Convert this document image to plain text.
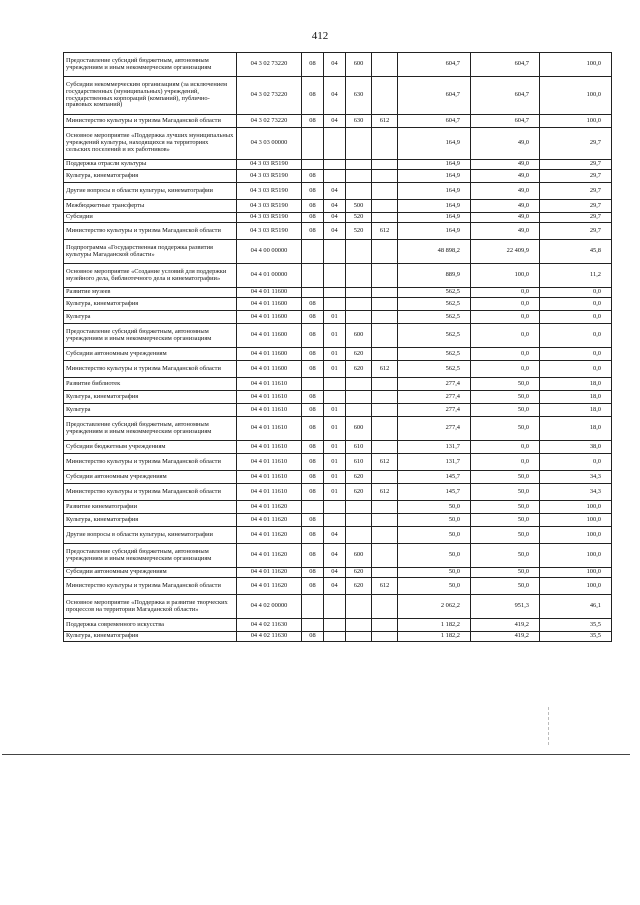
412
Предоставление субсидий бюджетным, автономным учреждениям и иным некоммерческим организациям	04 3 02 73220	08	04	600		604,7	604,7	100,0
Субсидии некоммерческим организациям (за исключением государственных (муниципальных) учреждений, государственных корпораций (компаний), публично-правовых компаний)	04 3 02 73220	08	04	630		604,7	604,7	100,0
Министерство культуры и туризма Магаданской области	04 3 02 73220	08	04	630	612	604,7	604,7	100,0
Основное мероприятие «Поддержка лучших муниципальных учреждений культуры, находящихся на территориях сельских поселений и их работников»	04 3 03 00000					164,9	49,0	29,7
Поддержка отрасли культуры	04 3 03 R5190					164,9	49,0	29,7
Культура, кинематография	04 3 03 R5190	08				164,9	49,0	29,7
Другие вопросы в области культуры, кинематографии	04 3 03 R5190	08	04			164,9	49,0	29,7
Межбюджетные трансферты	04 3 03 R5190	08	04	500		164,9	49,0	29,7
Субсидии	04 3 03 R5190	08	04	520		164,9	49,0	29,7
Министерство культуры и туризма Магаданской области	04 3 03 R5190	08	04	520	612	164,9	49,0	29,7
Подпрограмма «Государственная поддержка развития культуры Магаданской области»	04 4 00 00000					48 898,2	22 409,9	45,8
Основное мероприятие «Создание условий для поддержки музейного дела, библиотечного дела и кинематографии»	04 4 01 00000					889,9	100,0	11,2
Развитие музеев	04 4 01 11600					562,5	0,0	0,0
Культура, кинематография	04 4 01 11600	08				562,5	0,0	0,0
Культура	04 4 01 11600	08	01			562,5	0,0	0,0
Предоставление субсидий бюджетным, автономным учреждениям и иным некоммерческим организациям	04 4 01 11600	08	01	600		562,5	0,0	0,0
Субсидии автономным учреждениям	04 4 01 11600	08	01	620		562,5	0,0	0,0
Министерство культуры и туризма Магаданской области	04 4 01 11600	08	01	620	612	562,5	0,0	0,0
Развитие библиотек	04 4 01 11610					277,4	50,0	18,0
Культура, кинематография	04 4 01 11610	08				277,4	50,0	18,0
Культура	04 4 01 11610	08	01			277,4	50,0	18,0
Предоставление субсидий бюджетным, автономным учреждениям и иным некоммерческим организациям	04 4 01 11610	08	01	600		277,4	50,0	18,0
Субсидии бюджетным учреждениям	04 4 01 11610	08	01	610		131,7	0,0	38,0
Министерство культуры и туризма Магаданской области	04 4 01 11610	08	01	610	612	131,7	0,0	0,0
Субсидии автономным учреждениям	04 4 01 11610	08	01	620		145,7	50,0	34,3
Министерство культуры и туризма Магаданской области	04 4 01 11610	08	01	620	612	145,7	50,0	34,3
Развитие кинематографии	04 4 01 11620					50,0	50,0	100,0
Культура, кинематография	04 4 01 11620	08				50,0	50,0	100,0
Другие вопросы в области культуры, кинематографии	04 4 01 11620	08	04			50,0	50,0	100,0
Предоставление субсидий бюджетным, автономным учреждениям и иным некоммерческим организациям	04 4 01 11620	08	04	600		50,0	50,0	100,0
Субсидии автономным учреждениям	04 4 01 11620	08	04	620		50,0	50,0	100,0
Министерство культуры и туризма Магаданской области	04 4 01 11620	08	04	620	612	50,0	50,0	100,0
Основное мероприятие «Поддержка и развитие творческих процессов на территории Магаданской области»	04 4 02 00000					2 062,2	951,3	46,1
Поддержка современного искусства	04 4 02 11630					1 182,2	419,2	35,5
Культура, кинематография	04 4 02 11630	08				1 182,2	419,2	35,5
